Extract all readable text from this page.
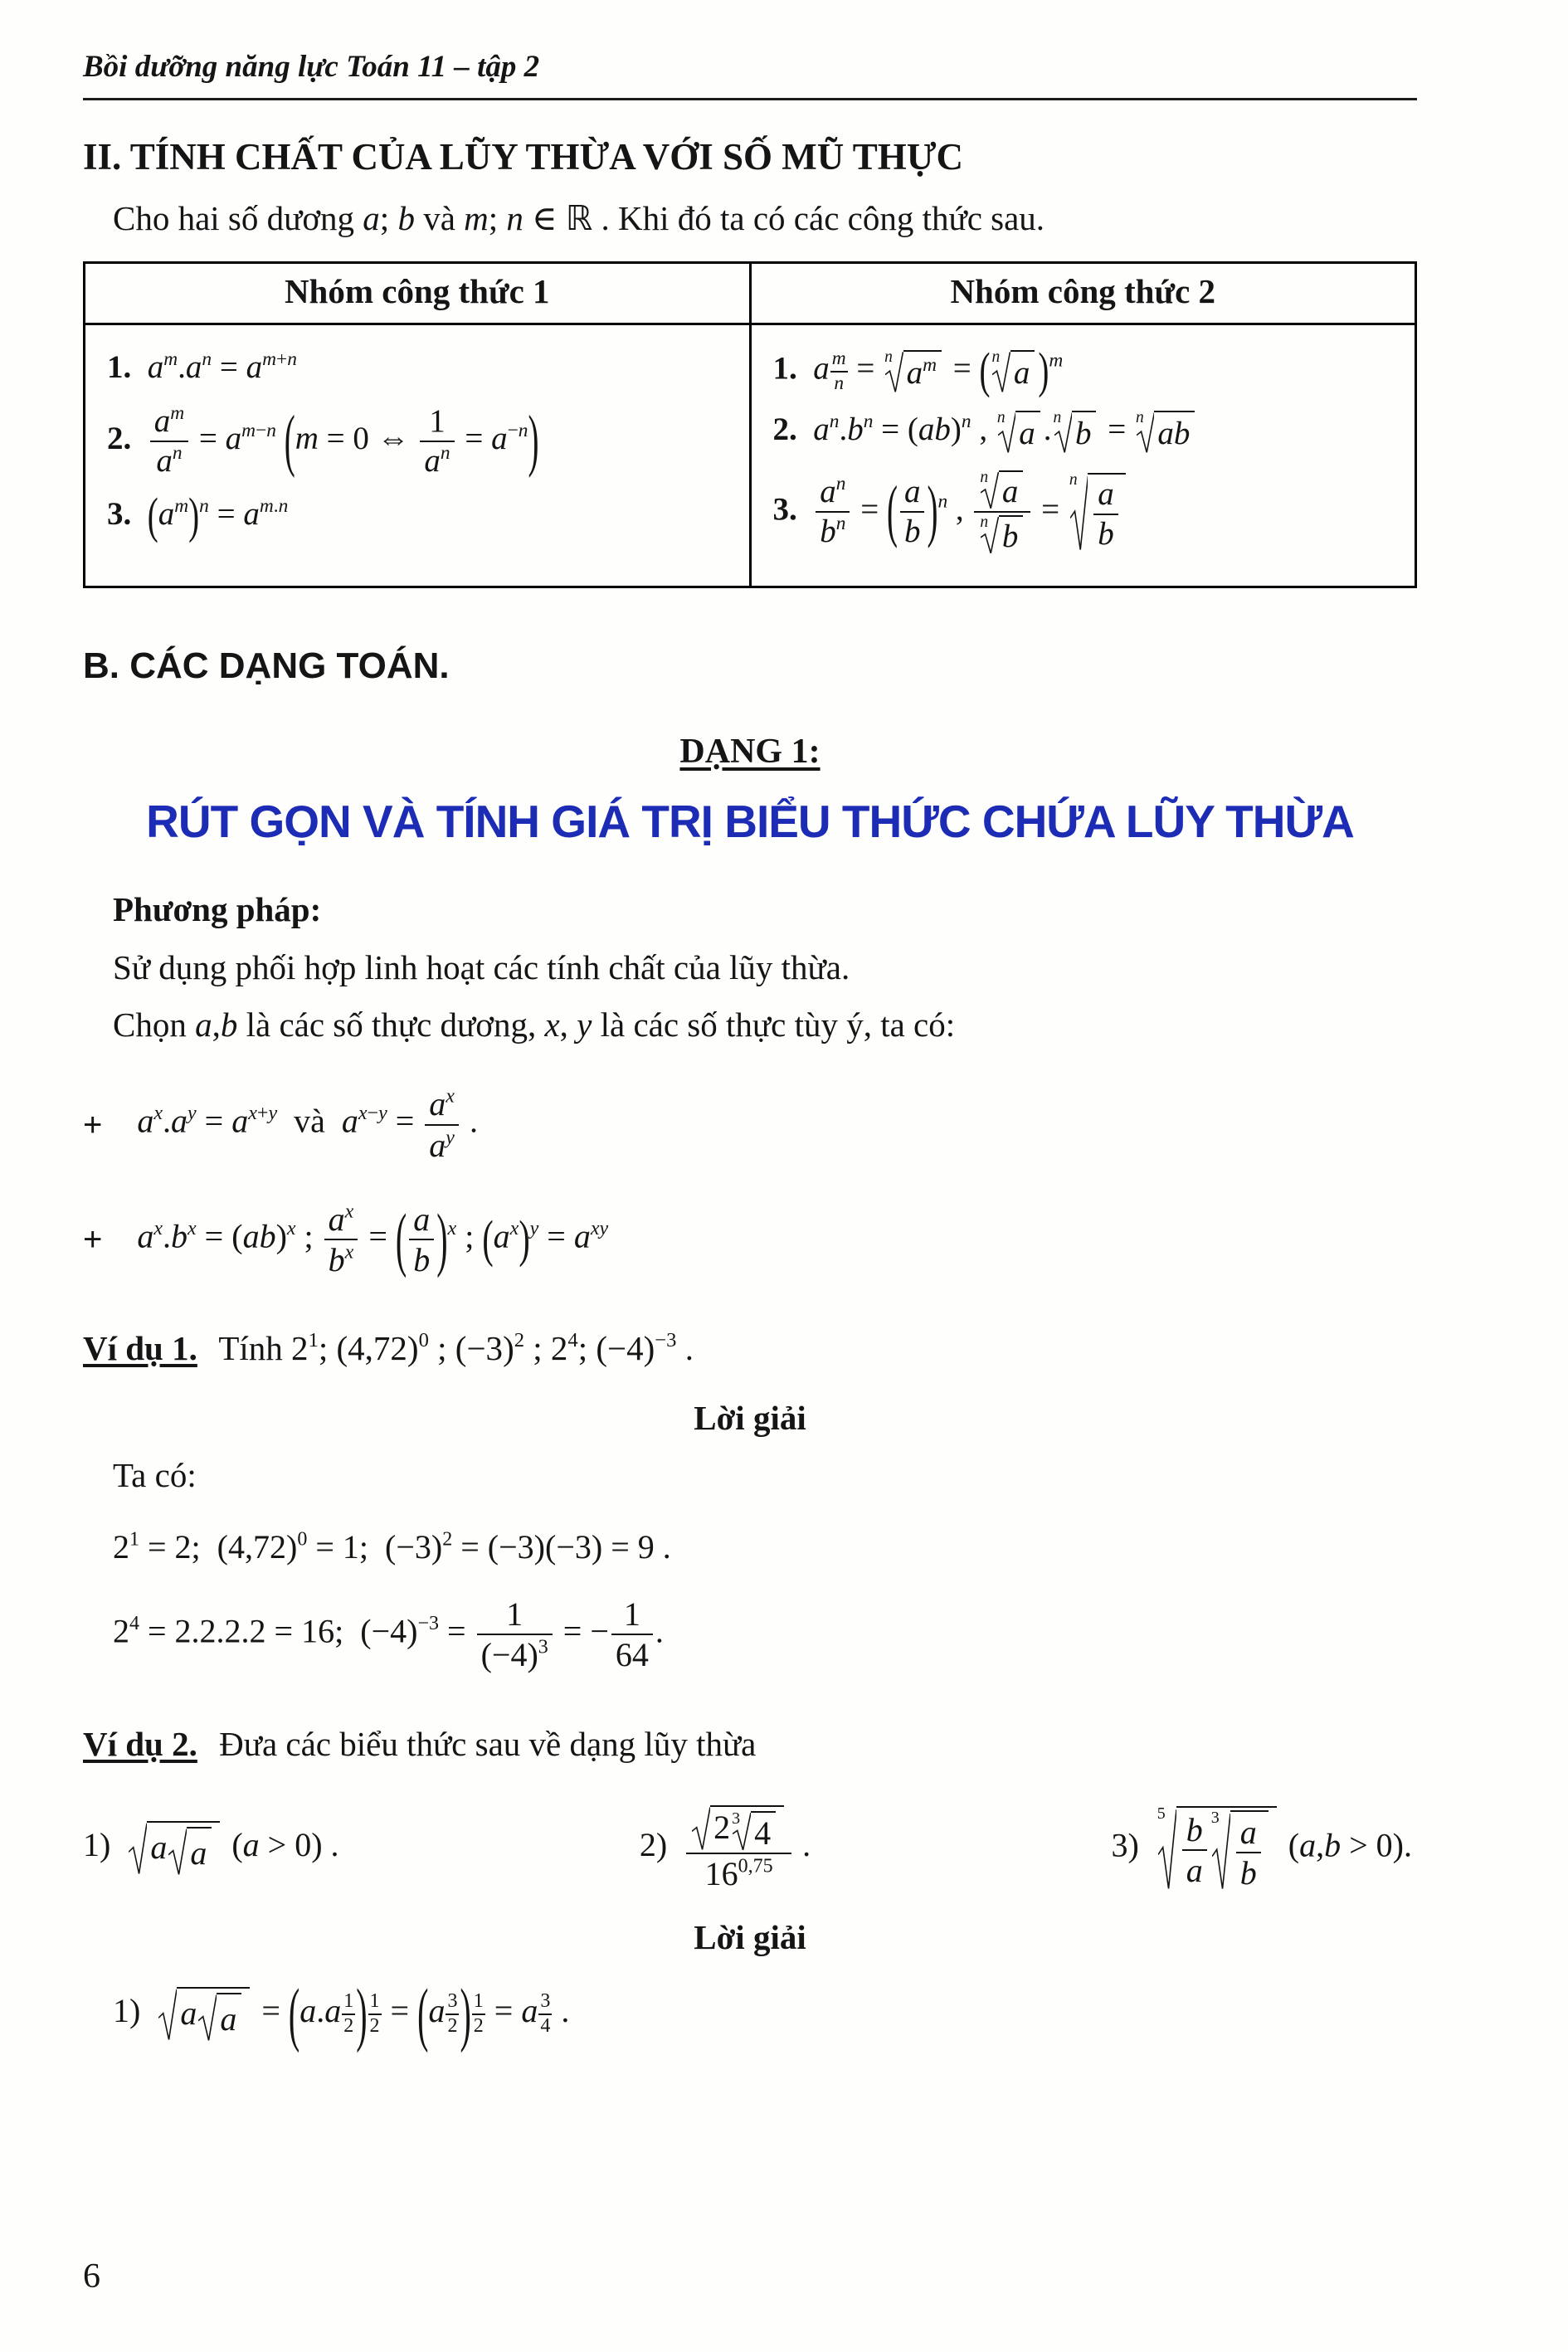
Bồi dưỡng năng lực Toán 11 – tập 2
II. TÍNH CHẤT CỦA LŨY THỪA VỚI SỐ MŨ THỰC

Cho hai số dương a; b và m; n ∈ ℝ . Khi đó ta có các công thức sau.

Nhóm công thức 1	Nhóm công thức 2

1.  $a^m.a^n = a^{m+n}$
2.  $\frac{a^m}{a^n} = a^{m-n}$ (m = 0 ⇔ $\frac{1}{a^n} = a^{-n}$)
3.  $(a^m)^n = a^{m.n}$

1.  a $^{\frac{m}{n}}$ = n $a^m$ = ( n a )$^m$
2.  $a^n.b^n = (ab)^n$ , n a . n b = n ab
3.  $\frac{a^n}{b^n}$ = ( $\frac{a}{b} )^n$ , $\frac{\text{n a}}{\text{n b}}$ =
n $\frac{a}{b}$
B. CÁC DẠNG TOÁN.
DẠNG 1:
RÚT GỌN VÀ TÍNH GIÁ TRỊ BIỂU THỨC CHỨA LŨY THỪA

Phương pháp:

Sử dụng phối hợp linh hoạt các tính chất của lũy thừa.

Chọn a,b là các số thực dương, x, y là các số thực tùy ý, ta có:

+ $a^x.a^y = a^{x+y}$  và  $a^{x-y} = \frac{a^x}{a^y}$ .
+ $a^x.b^x = (ab)^x$ ; $\frac{a^x}{b^x}$ = ( $\frac{a}{b} )^x$ ; $(a^x)^y = a^{xy}$

Ví dụ 1. Tính $2^1$; $(4,72)^0$ ; $(-3)^2$ ; $2^4$; $(-4)^{-3}$ .

Lời giải

Ta có:

$2^1 = 2$;  $(4,72)^0 = 1$;  $(-3)^2 = (-3)(-3) = 9$ .
$2^4 = 2.2.2.2 = 16$;  $(-4)^{-3} = \frac{1}{(-4)^3}$ = − $\frac{1}{64}$ .

Ví dụ 2. Đưa các biểu thức sau về dạng lũy thừa

1)  a a (a > 0) .	2)  $\frac{2 3 4}{16^{0,75}}$ .	3) 
$5 \frac{b}{a} 3 \frac{a}{b} (a,b > 0)$.
Lời giải
1)  a a = (a.a $^{\frac{1}{2}}$ ) $^{\frac{1}{2}}$ = (a $^{\frac{3}{2}}$ ) $^{\frac{1}{2}}$ = a $^{\frac{3}{4}}$ .
6
